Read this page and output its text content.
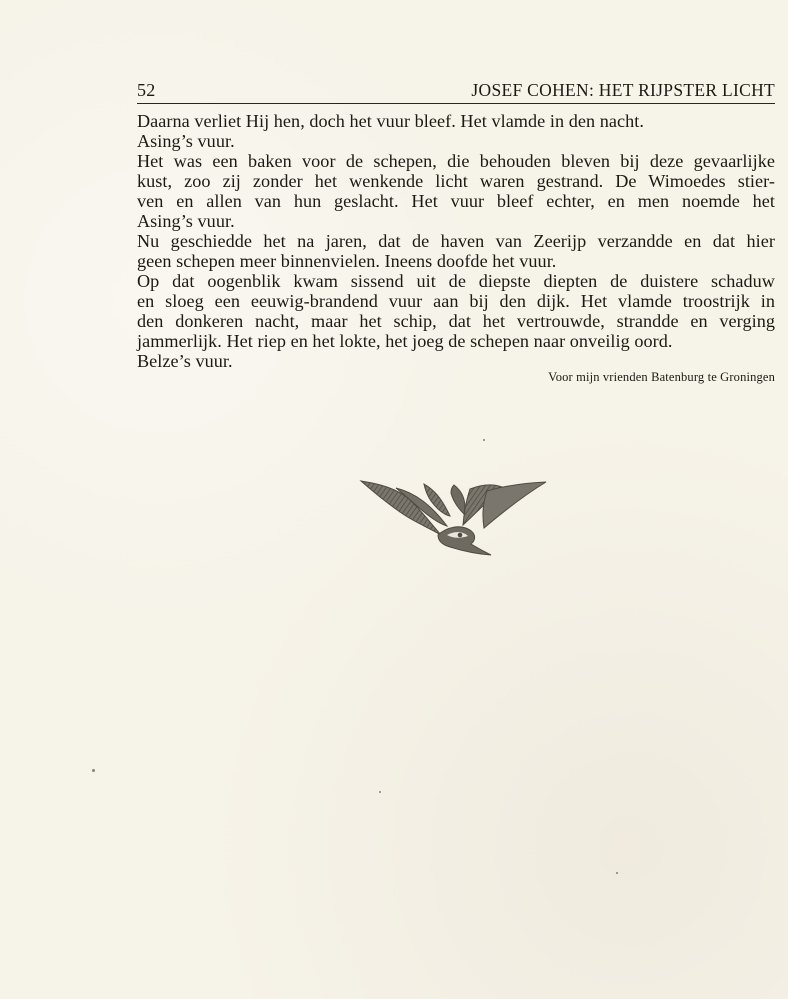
52	JOSEF COHEN: HET RIJPSTER LICHT
Daarna verliet Hij hen, doch het vuur bleef. Het vlamde in den nacht.
Asing’s vuur.
Het was een baken voor de schepen, die behouden bleven bij deze gevaarlijke
kust, zoo zij zonder het wenkende licht waren gestrand. De Wimoedes stier-
ven en allen van hun geslacht. Het vuur bleef echter, en men noemde het
Asing’s vuur.
Nu geschiedde het na jaren, dat de haven van Zeerijp verzandde en dat hier
geen schepen meer binnenvielen. Ineens doofde het vuur.
Op dat oogenblik kwam sissend uit de diepste diepten de duistere schaduw
en sloeg een eeuwig-brandend vuur aan bij den dijk. Het vlamde troostrijk in
den donkeren nacht, maar het schip, dat het vertrouwde, strandde en verging
jammerlijk. Het riep en het lokte, het joeg de schepen naar onveilig oord.
Belze’s vuur.
Voor mijn vrienden Batenburg te Groningen
